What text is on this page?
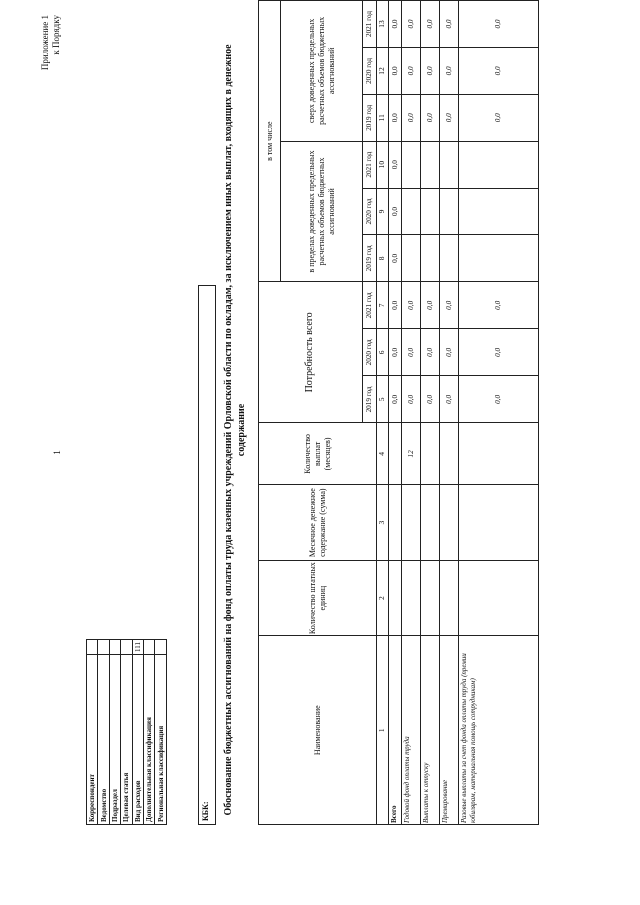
1
Приложение 1 к Порядку
Корреспондент	
Ведомство	
Подраздел	
Целевая статья	
Вид расходов	111
Дополнительная классификация	
Региональная классификация		КБК:	Обоснование бюджетных ассигнований на фонд оплаты труда казенных учреждений Орловской области по окладам, за исключением иных выплат, входящих в денежное содержание
Наименование	Количество штатных единиц	Месячное денежное содержание (сумма)	Количество выплат (месяцев)	Потребность всего			в том числе					
							в пределах доведенных предельных расчетных объемов бюджетных ассигнований			сверх доведенных предельных расчетных объемов бюджетных ассигнований		
				2019 год	2020 год	2021 год	2019 год	2020 год	2021 год	2019 год	2020 год	2021 год
1	2	3	4	5	6	7	8	9	10	11	12	13
Всего				0,0	0,0	0,0	0,0	0,0	0,0	0,0	0,0	0,0
Годовой фонд оплаты труда			12	0,0	0,0	0,0				0,0	0,0	0,0
Выплаты к отпуску				0,0	0,0	0,0				0,0	0,0	0,0
Премирование				0,0	0,0	0,0				0,0	0,0	0,0
Разовые выплаты за счет фонда оплаты труда (премии юбилярам, материальная помощь сотрудникам)				0,0	0,0	0,0				0,0	0,0	0,0
